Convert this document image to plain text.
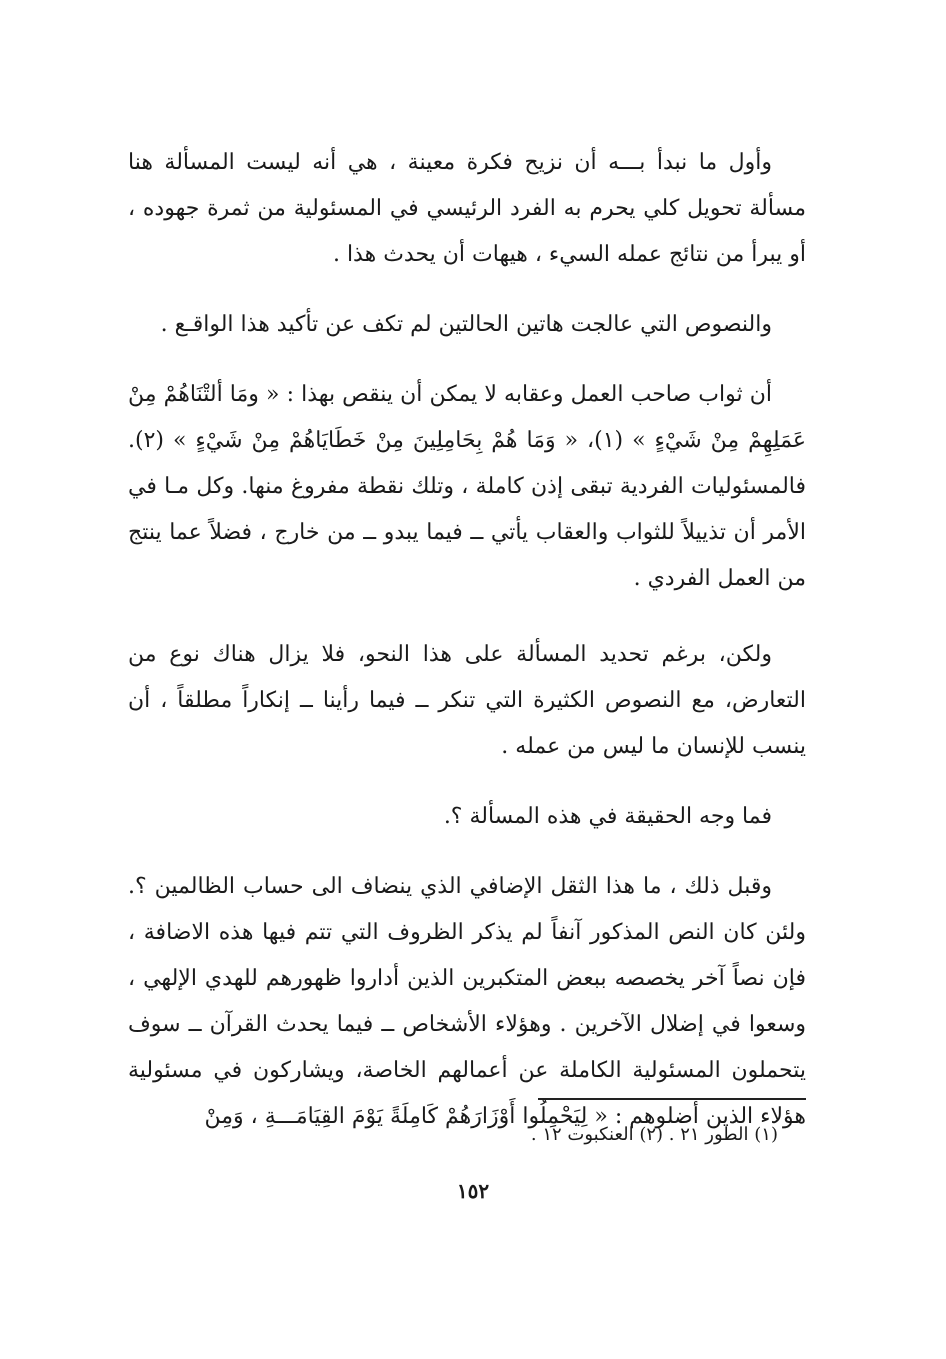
وأول ما نبدأ بـــه أن نزيح فكرة معينة ، هي أنه ليست المسألة هنا مسألة تحويل كلي يحرم به الفرد الرئيسي في المسئولية من ثمرة جهوده ، أو يبرأ من نتائج عمله السيء ، هيهات أن يحدث هذا .

والنصوص التي عالجت هاتين الحالتين لم تكف عن تأكيد هذا الواقـع .

أن ثواب صاحب العمل وعقابه لا يمكن أن ينقص بهذا : « ومَا ألتْنَاهُمْ مِنْ عَمَلِهِمْ مِنْ شَيْءٍ » (١)، « وَمَا هُمْ بِحَامِلِينَ مِنْ خَطَايَاهُمْ مِنْ شَيْءٍ » (٢). فالمسئوليات الفردية تبقى إذن كاملة ، وتلك نقطة مفروغ منها. وكل مـا في الأمر أن تذييلاً للثواب والعقاب يأتي ــ فيما يبدو ــ من خارج ، فضلاً عما ينتج من العمل الفردي .

ولكن، برغم تحديد المسألة على هذا النحو، فلا يزال هناك نوع من التعارض، مع النصوص الكثيرة التي تنكر ــ فيما رأينا ــ إنكاراً مطلقاً ، أن ينسب للإنسان ما ليس من عمله .

فما وجه الحقيقة في هذه المسألة ؟.

وقبل ذلك ، ما هذا الثقل الإضافي الذي ينضاف الى حساب الظالمين ؟. ولئن كان النص المذكور آنفاً لم يذكر الظروف التي تتم فيها هذه الاضافة ، فإن نصاً آخر يخصصه ببعض المتكبرين الذين أداروا ظهورهم للهدي الإلهي ، وسعوا في إضلال الآخرين . وهؤلاء الأشخاص ــ فيما يحدث القرآن ــ سوف يتحملون المسئولية الكاملة عن أعمالهم الخاصة، ويشاركون في مسئولية هؤلاء الذين أضلوهم : « لِيَحْمِلُوا أَوْزَارَهُمْ كَامِلَةً يَوْمَ القِيَامَـــةِ ، وَمِنْ

(١) الطور ٢١ . (٢) العنكبوت ١٢ .
١٥٢
